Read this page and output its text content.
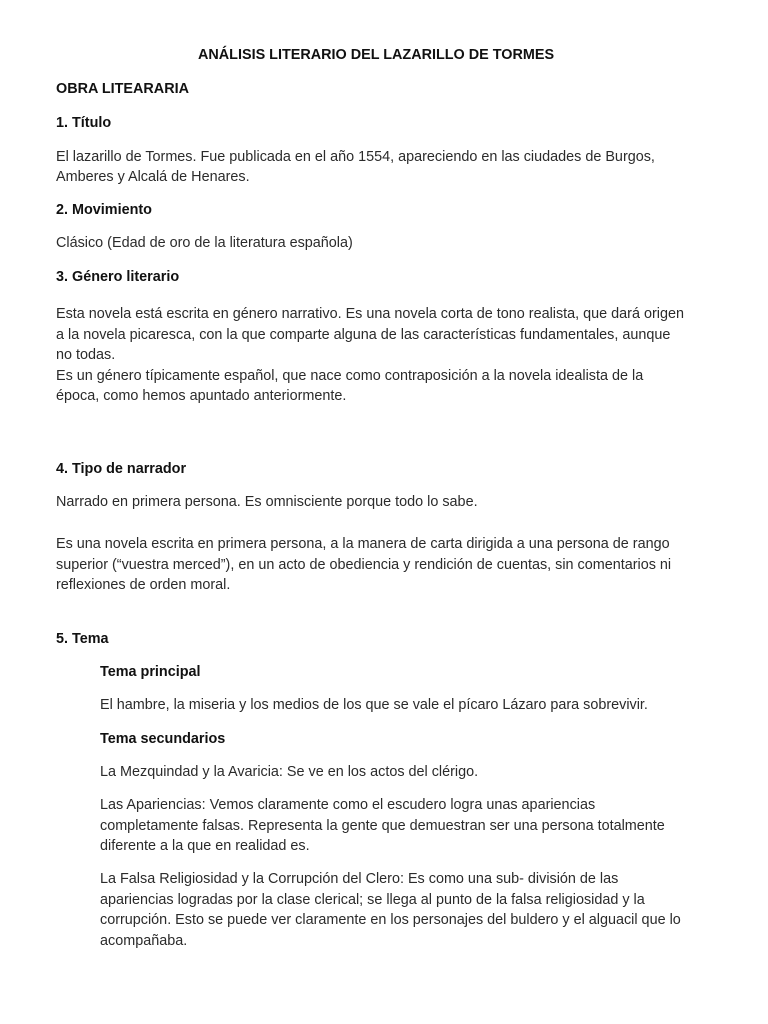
ANÁLISIS LITERARIO DEL LAZARILLO DE TORMES
OBRA LITEARARIA
1. Título
El lazarillo de Tormes. Fue publicada en el año 1554, apareciendo en las ciudades de Burgos,
Amberes y Alcalá de Henares.
2. Movimiento
Clásico (Edad de oro de la literatura española)
3. Género literario
Esta novela está escrita en género narrativo. Es una novela corta de tono realista, que dará origen
a la novela picaresca, con la que comparte alguna de las características fundamentales, aunque
no todas.
Es un género típicamente español, que nace como contraposición a la novela idealista de la
época, como hemos apuntado anteriormente.
4. Tipo de narrador
Narrado en primera persona. Es omnisciente porque todo lo sabe.
Es una novela escrita en primera persona, a la manera de carta dirigida a una persona de rango
superior (“vuestra merced”), en un acto de obediencia y rendición de cuentas, sin comentarios ni
reflexiones de orden moral.
5. Tema
Tema principal
El hambre, la miseria y los medios de los que se vale el pícaro Lázaro para sobrevivir.
Tema secundarios
La Mezquindad y la Avaricia: Se ve en los actos del clérigo.
Las Apariencias: Vemos claramente como el escudero logra unas apariencias
completamente falsas. Representa la gente que demuestran ser una persona totalmente
diferente a la que en realidad es.
La Falsa Religiosidad y la Corrupción del Clero: Es como una sub- división de las
apariencias logradas por la clase clerical; se llega al punto de la falsa religiosidad y la
corrupción. Esto se puede ver claramente en los personajes del buldero y el alguacil que lo
acompañaba.
